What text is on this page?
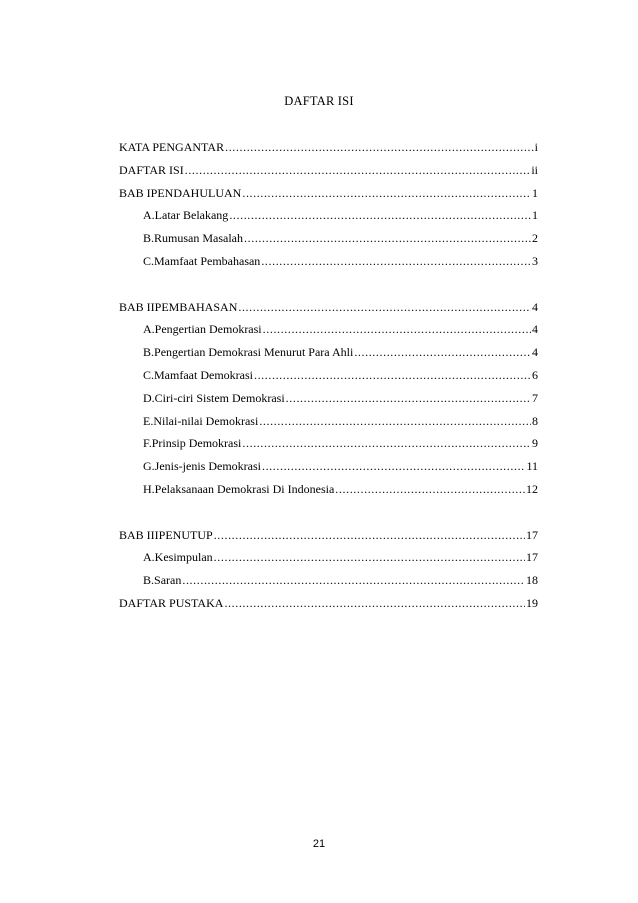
DAFTAR ISI
KATA PENGANTAR .....	i
DAFTAR ISI .....	ii
BAB I PENDAHULUAN .....	1
A. Latar Belakang .....	1
B. Rumusan Masalah .....	2
C. Mamfaat Pembahasan .....	3
BAB II PEMBAHASAN .....	4
A. Pengertian Demokrasi .....	4
B. Pengertian Demokrasi Menurut Para Ahli .....	4
C. Mamfaat Demokrasi .....	6
D. Ciri-ciri Sistem Demokrasi .....	7
E. Nilai-nilai Demokrasi .....	8
F. Prinsip Demokrasi .....	9
G. Jenis-jenis Demokrasi .....	11
H. Pelaksanaan Demokrasi Di Indonesia .....	12
BAB III PENUTUP .....	17
A. Kesimpulan .....	17
B. Saran .....	18
DAFTAR PUSTAKA .....	19
21
